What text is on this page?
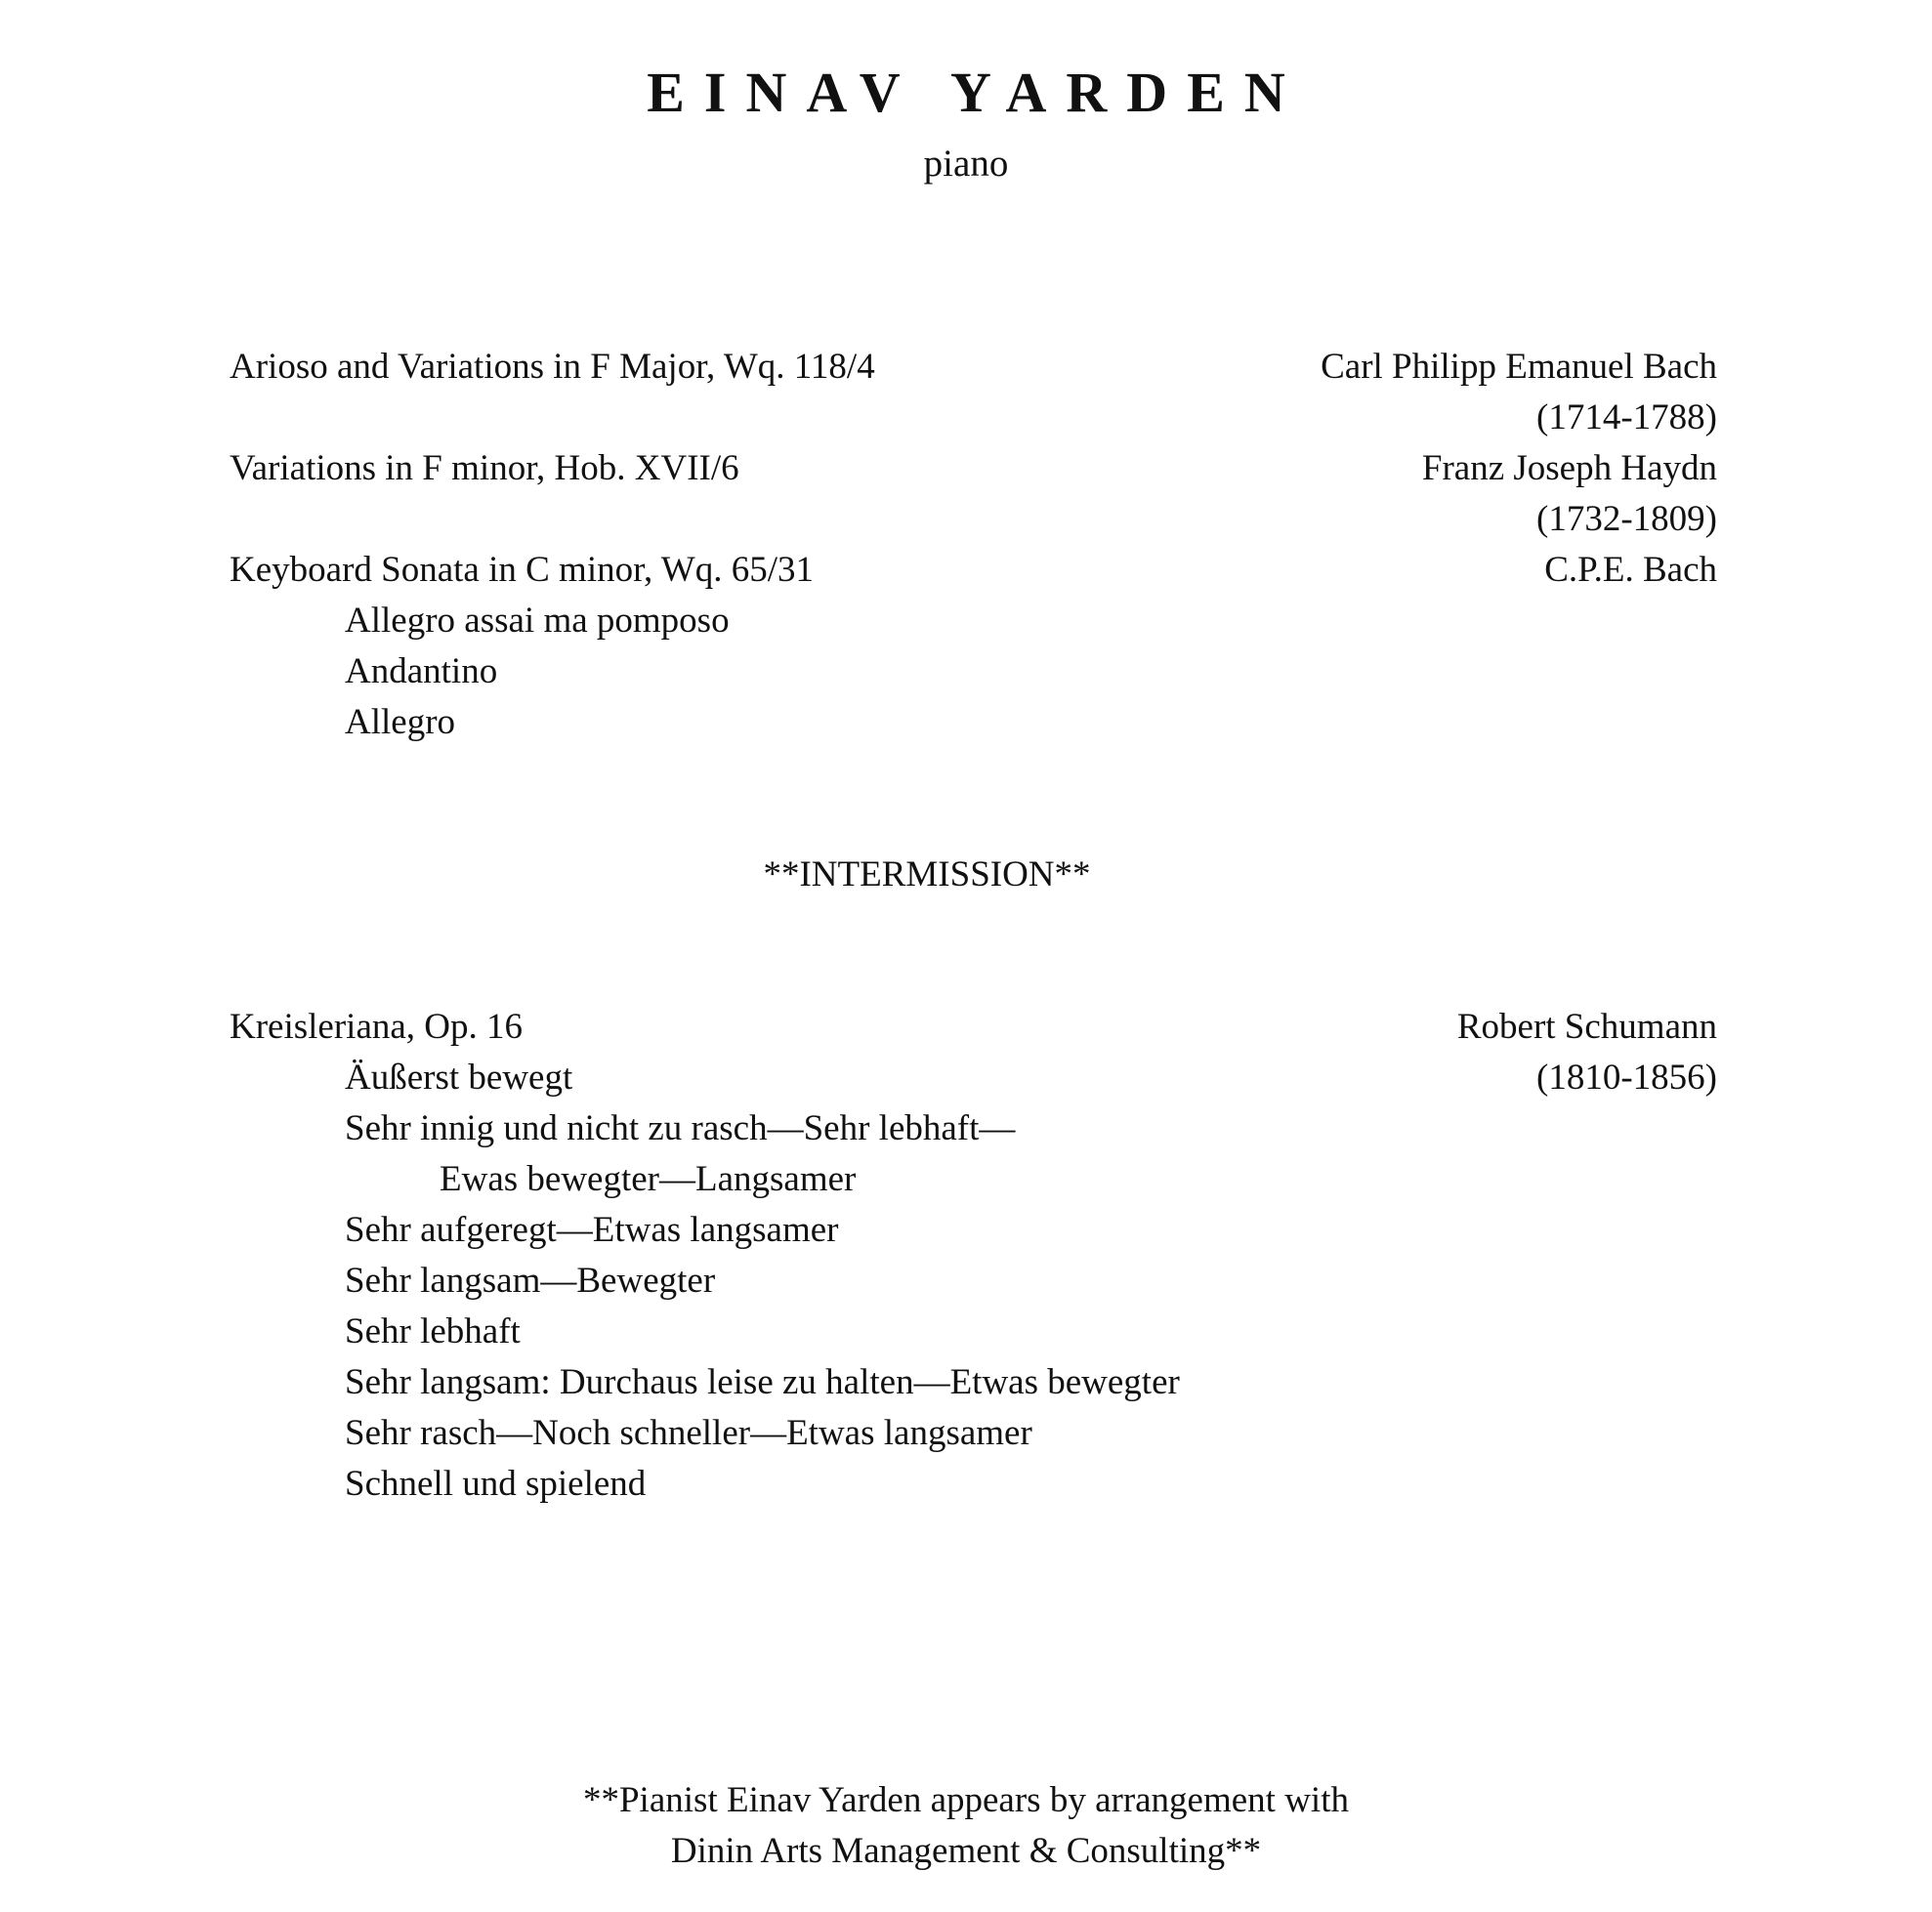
EINAV YARDEN
piano
Arioso and Variations in F Major, Wq. 118/4	Carl Philipp Emanuel Bach
(1714-1788)
Variations in F minor, Hob. XVII/6	Franz Joseph Haydn
(1732-1809)
Keyboard Sonata in C minor, Wq. 65/31	C.P.E. Bach
Allegro assai ma pomposo
Andantino
Allegro
**INTERMISSION**
Kreisleriana, Op. 16	Robert Schumann
(1810-1856)
Äußerst bewegt
Sehr innig und nicht zu rasch—Sehr lebhaft—
Ewas bewegter—Langsamer
Sehr aufgeregt—Etwas langsamer
Sehr langsam—Bewegter
Sehr lebhaft
Sehr langsam: Durchaus leise zu halten—Etwas bewegter
Sehr rasch—Noch schneller—Etwas langsamer
Schnell und spielend
**Pianist Einav Yarden appears by arrangement with
Dinin Arts Management & Consulting**
